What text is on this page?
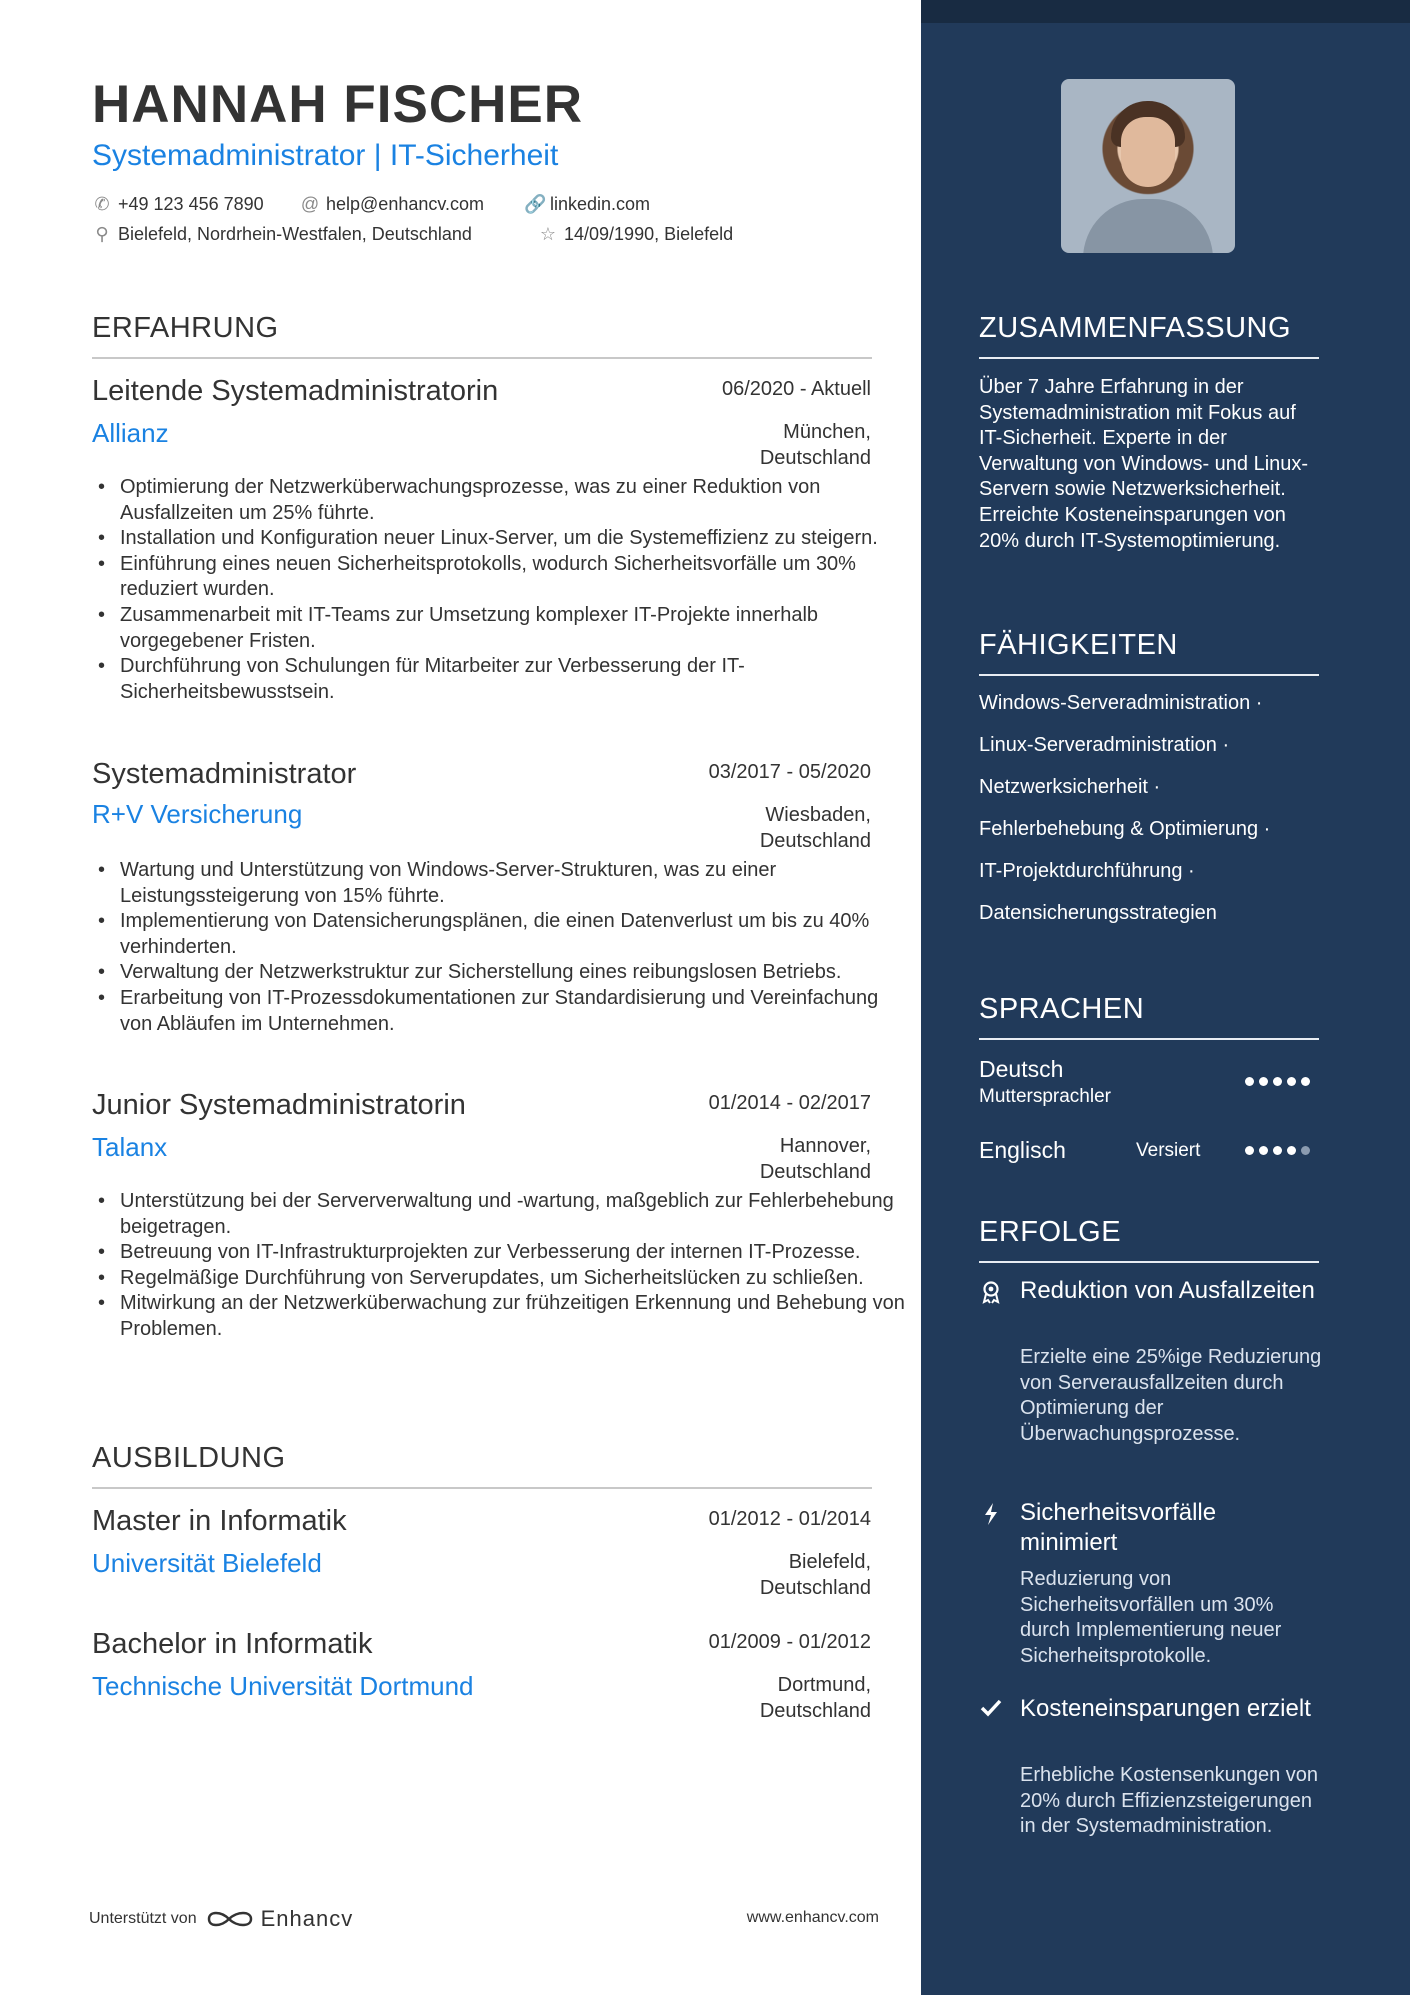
HANNAH FISCHER
Systemadministrator | IT-Sicherheit
✆ +49 123 456 7890 @ help@enhancv.com 🔗 linkedin.com
⚲ Bielefeld, Nordrhein-Westfalen, Deutschland	☆ 14/09/1990, Bielefeld
ERFAHRUNG
Leitende Systemadministratorin	06/2020 - Aktuell
Allianz	München,
Deutschland
• Optimierung der Netzwerküberwachungsprozesse, was zu einer Reduktion von Ausfallzeiten um 25% führte.
• Installation und Konfiguration neuer Linux-Server, um die Systemeffizienz zu steigern.
• Einführung eines neuen Sicherheitsprotokolls, wodurch Sicherheitsvorfälle um 30% reduziert wurden.
• Zusammenarbeit mit IT-Teams zur Umsetzung komplexer IT-Projekte innerhalb vorgegebener Fristen.
• Durchführung von Schulungen für Mitarbeiter zur Verbesserung der IT-Sicherheitsbewusstsein.
Systemadministrator	03/2017 - 05/2020
R+V Versicherung	Wiesbaden,
Deutschland
• Wartung und Unterstützung von Windows-Server-Strukturen, was zu einer Leistungssteigerung von 15% führte.
• Implementierung von Datensicherungsplänen, die einen Datenverlust um bis zu 40% verhinderten.
• Verwaltung der Netzwerkstruktur zur Sicherstellung eines reibungslosen Betriebs.
• Erarbeitung von IT-Prozessdokumentationen zur Standardisierung und Vereinfachung von Abläufen im Unternehmen.
Junior Systemadministratorin	01/2014 - 02/2017
Talanx	Hannover,
Deutschland
• Unterstützung bei der Serververwaltung und -wartung, maßgeblich zur Fehlerbehebung beigetragen.
• Betreuung von IT-Infrastrukturprojekten zur Verbesserung der internen IT-Prozesse.
• Regelmäßige Durchführung von Serverupdates, um Sicherheitslücken zu schließen.
• Mitwirkung an der Netzwerküberwachung zur frühzeitigen Erkennung und Behebung von Problemen.
AUSBILDUNG
Master in Informatik	01/2012 - 01/2014
Universität Bielefeld	Bielefeld,
Deutschland
Bachelor in Informatik	01/2009 - 01/2012
Technische Universität Dortmund	Dortmund,
Deutschland
Unterstützt von	Enhancv	www.enhancv.com
ZUSAMMENFASSUNG
Über 7 Jahre Erfahrung in der Systemadministration mit Fokus auf IT-Sicherheit. Experte in der Verwaltung von Windows- und Linux-Servern sowie Netzwerksicherheit. Erreichte Kosteneinsparungen von 20% durch IT-Systemoptimierung.
FÄHIGKEITEN
Windows-Serveradministration ·
Linux-Serveradministration ·
Netzwerksicherheit ·
Fehlerbehebung & Optimierung ·
IT-Projektdurchführung ·
Datensicherungsstrategien
SPRACHEN
Deutsch
Muttersprachler
Englisch	Versiert
ERFOLGE
Reduktion von Ausfallzeiten
Erzielte eine 25%ige Reduzierung von Serverausfallzeiten durch Optimierung der Überwachungsprozesse.
Sicherheitsvorfälle minimiert
Reduzierung von Sicherheitsvorfällen um 30% durch Implementierung neuer Sicherheitsprotokolle.
Kosteneinsparungen erzielt
Erhebliche Kostensenkungen von 20% durch Effizienzsteigerungen in der Systemadministration.
